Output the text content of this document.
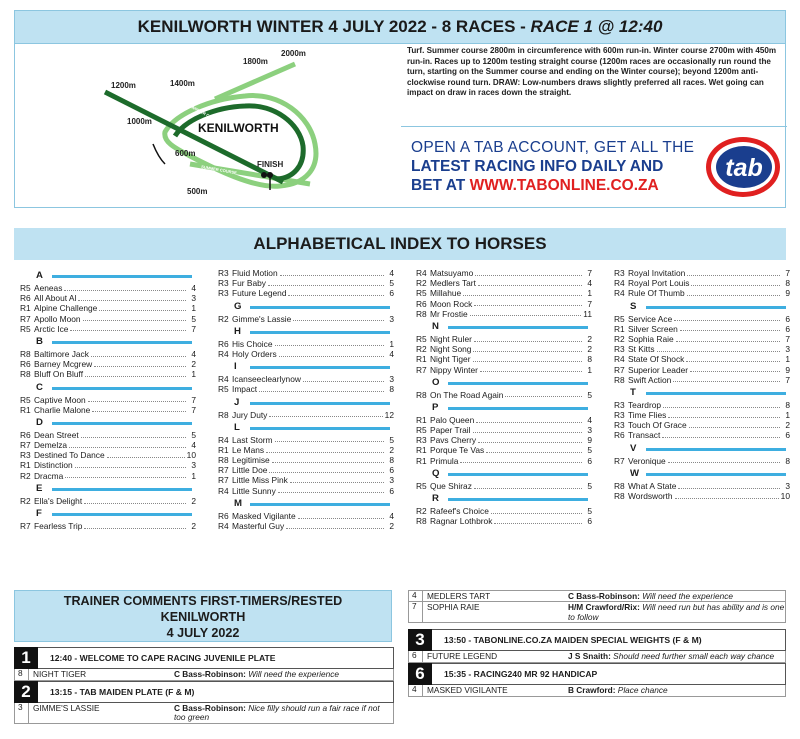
KENILWORTH WINTER 4 JULY 2022 - 8 RACES - RACE 1 @ 12:40
1200m	1400m
1800m
2000m
1000m
600m
500m
FINISH
KENILWORTH
WINTER COURSE
SUMMER COURSE
Turf. Summer course 2800m in circumference with 600m run-in. Winter course 2700m with 450m run-in. Races up to 1200m testing straight course (1200m races are occasionally run round the turn, starting on the Summer course and ending on the Winter course); beyond 1200m anti-clockwise round turn. DRAW: Low-numbers draws slightly preferred all races. Wet going can impact on draw in races down the straight.
OPEN A TAB ACCOUNT, GET ALL THE
LATEST RACING INFO DAILY AND
BET AT WWW.TABONLINE.CO.ZA
tab
ALPHABETICAL INDEX TO HORSES
A
R5 Aeneas	4
R6 All About Al	3
R1 Alpine Challenge	1
R7 Apollo Moon	5
R5 Arctic Ice	7
B
R8 Baltimore Jack	4
R6 Barney Mcgrew	2
R8 Bluff On Bluff	1
C
R5 Captive Moon	7
R1 Charlie Malone	7
D
R6 Dean Street	5
R7 Demelza	4
R3 Destined To Dance	10
R1 Distinction	3
R2 Dracma	1
E
R2 Ella's Delight	2
F
R7 Fearless Trip	2
R3 Fluid Motion	4
R3 Fur Baby	5
R3 Future Legend	6
G
R2 Gimme's Lassie	3
H
R6 His Choice	1
R4 Holy Orders	4
I
R4 Icanseeclearlynow	3
R5 Impact	8
J
R8 Jury Duty	12
L
R4 Last Storm	5
R1 Le Mans	2
R8 Legitimise	8
R7 Little Doe	6
R7 Little Miss Pink	3
R4 Little Sunny	6
M
R6 Masked Vigilante	4
R4 Masterful Guy	2
R4 Matsuyamo	7
R2 Medlers Tart	4
R5 Millahue	1
R6 Moon Rock	7
R8 Mr Frostie	11
N
R5 Night Ruler	2
R2 Night Song	2
R1 Night Tiger	8
R7 Nippy Winter	1
O
R8 On The Road Again	5
P
R1 Palo Queen	4
R5 Paper Trail	3
R3 Pavs Cherry	9
R1 Porque Te Vas	5
R1 Primula	6
Q
R5 Que Shiraz	5
R
R2 Rafeef's Choice	5
R8 Ragnar Lothbrok	6
R3 Royal Invitation	7
R4 Royal Port Louis	8
R4 Rule Of Thumb	9
S
R5 Service Ace	6
R1 Silver Screen	6
R2 Sophia Raie	7
R3 St Kitts	3
R4 State Of Shock	1
R7 Superior Leader	9
R8 Swift Action	7
T
R3 Teardrop	8
R3 Time Flies	1
R3 Touch Of Grace	2
R6 Transact	6
V
R7 Veronique	8
W
R8 What A State	3
R8 Wordsworth	10
TRAINER COMMENTS FIRST-TIMERS/RESTED
KENILWORTH
4 JULY 2022
1	12:40 - WELCOME TO CAPE RACING JUVENILE PLATE
8	NIGHT TIGER	C Bass-Robinson: Will need the experience
2	13:15 - TAB MAIDEN PLATE (F & M)
3	GIMME'S LASSIE	C Bass-Robinson: Nice filly should run a fair race if not too green
4	MEDLERS TART	C Bass-Robinson: Will need the experience
7	SOPHIA RAIE	H/M Crawford/Rix: Will need run but has ability and is one to follow
3	13:50 - TABONLINE.CO.ZA MAIDEN SPECIAL WEIGHTS (F & M)
6	FUTURE LEGEND	J S Snaith: Should need further small each way chance
6	15:35 - RACING240 MR 92 HANDICAP
4	MASKED VIGILANTE	B Crawford: Place chance
